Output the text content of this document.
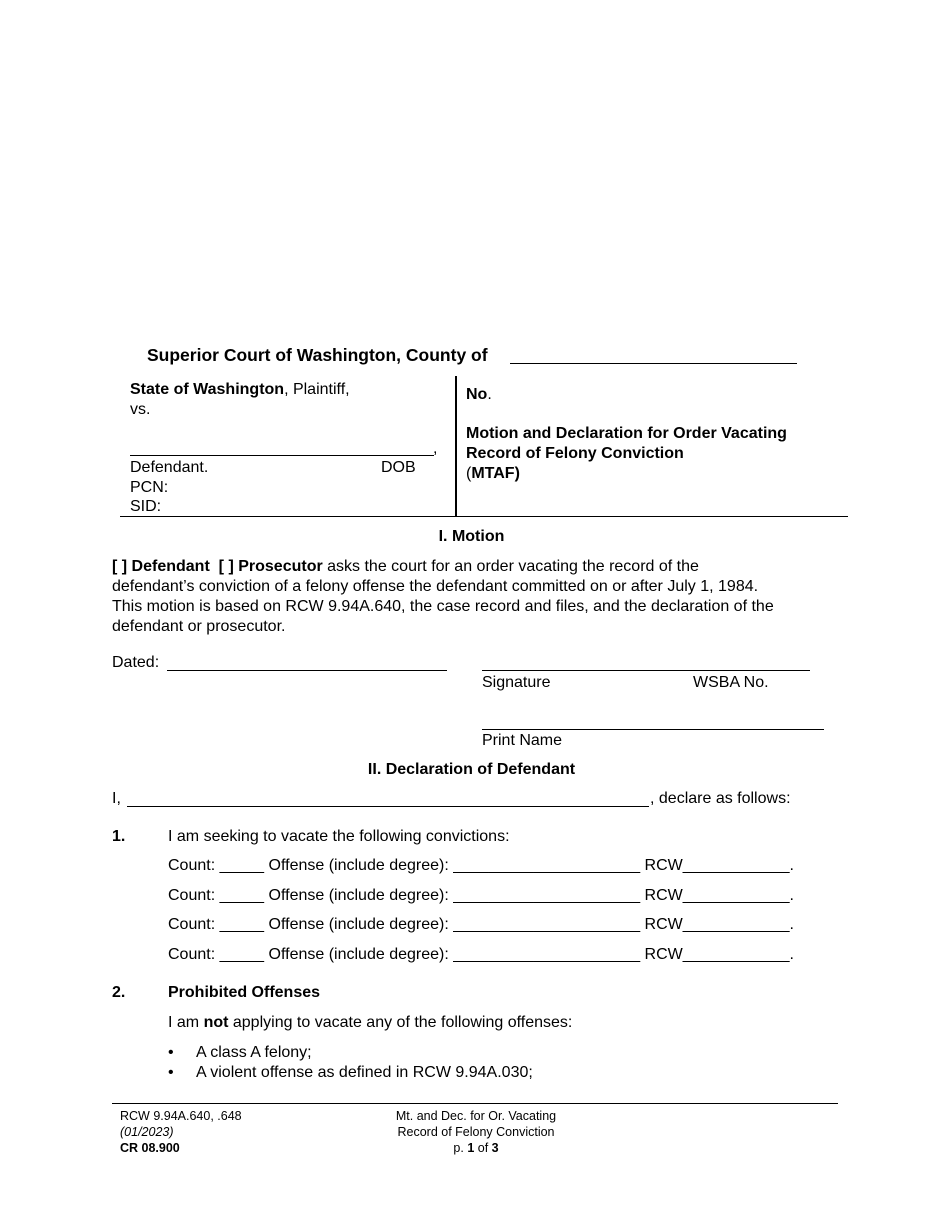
Superior Court of Washington, County of
State of Washington, Plaintiff,
vs.
,
Defendant.	DOB
PCN:
SID:
No.
Motion and Declaration for Order Vacating
Record of Felony Conviction
(MTAF)
I. Motion
[ ] Defendant [ ] Prosecutor asks the court for an order vacating the record of the
defendant’s conviction of a felony offense the defendant committed on or after July 1, 1984.
This motion is based on RCW 9.94A.640, the case record and files, and the declaration of the
defendant or prosecutor.
Dated:
Signature	WSBA No.
Print Name
II. Declaration of Defendant
I,	, declare as follows:
1.	I am seeking to vacate the following convictions:
Count: _____ Offense (include degree): _____________________ RCW____________.
Count: _____ Offense (include degree): _____________________ RCW____________.
Count: _____ Offense (include degree): _____________________ RCW____________.
Count: _____ Offense (include degree): _____________________ RCW____________.
2.	Prohibited Offenses
I am not applying to vacate any of the following offenses:
• A class A felony;
• A violent offense as defined in RCW 9.94A.030;
RCW 9.94A.640, .648
(01/2023)
CR 08.900
Mt. and Dec. for Or. Vacating
Record of Felony Conviction
p. 1 of 3
